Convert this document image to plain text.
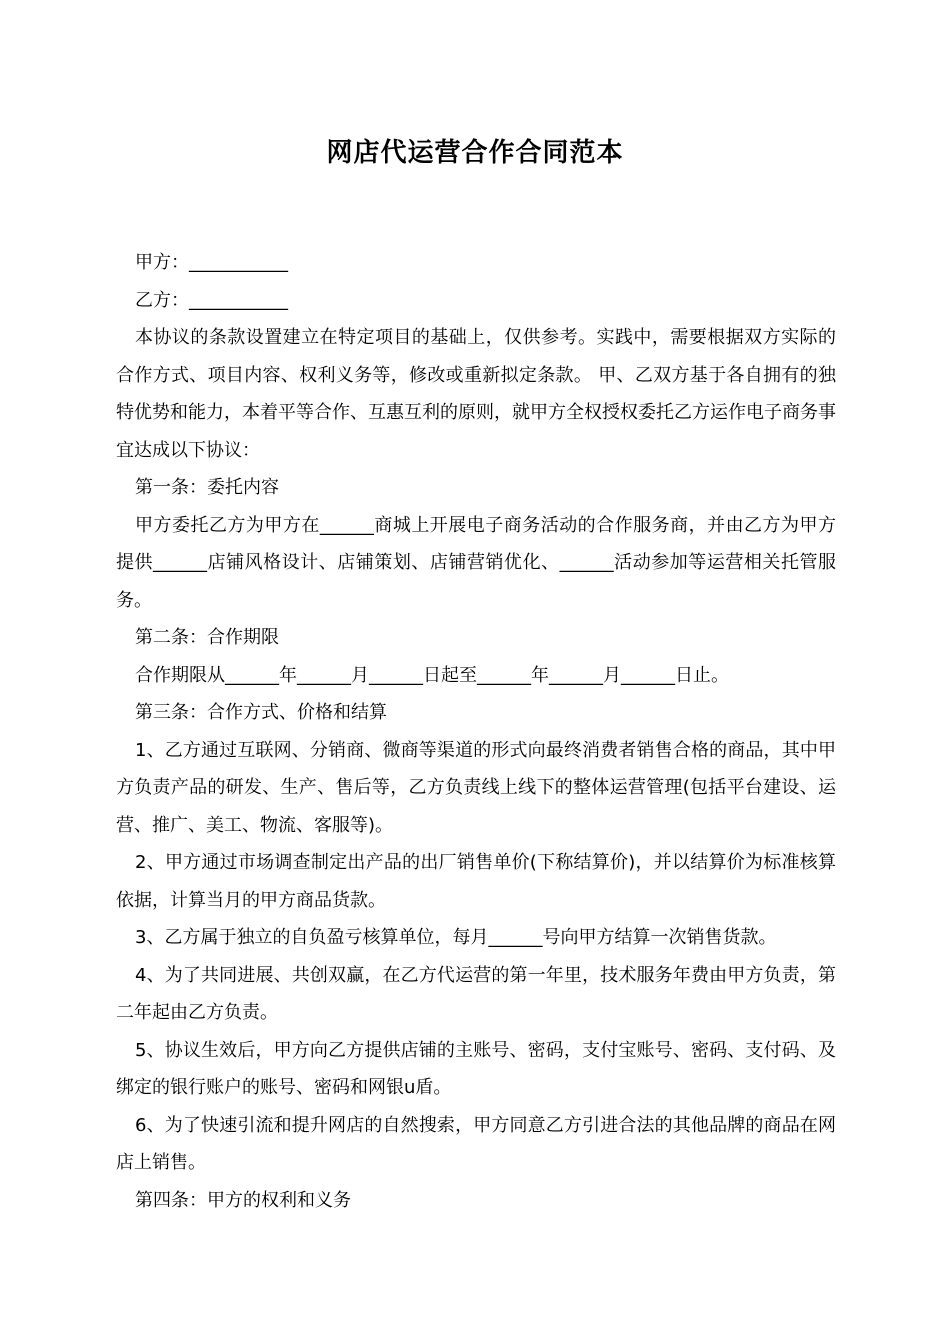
网店代运营合作合同范本

甲方：___________

乙方：___________

本协议的条款设置建立在特定项目的基础上，仅供参考。实践中，需要根据双方实际的合作方式、项目内容、权利义务等，修改或重新拟定条款。 甲、乙双方基于各自拥有的独特优势和能力，本着平等合作、互惠互利的原则，就甲方全权授权委托乙方运作电子商务事宜达成以下协议：

第一条：委托内容

甲方委托乙方为甲方在______商城上开展电子商务活动的合作服务商，并由乙方为甲方提供______店铺风格设计、店铺策划、店铺营销优化、______活动参加等运营相关托管服务。

第二条：合作期限

合作期限从______年______月______日起至______年______月______日止。

第三条：合作方式、价格和结算

1、乙方通过互联网、分销商、微商等渠道的形式向最终消费者销售合格的商品，其中甲方负责产品的研发、生产、售后等，乙方负责线上线下的整体运营管理(包括平台建设、运营、推广、美工、物流、客服等)。

2、甲方通过市场调查制定出产品的出厂销售单价(下称结算价)，并以结算价为标准核算依据，计算当月的甲方商品货款。

3、乙方属于独立的自负盈亏核算单位，每月______号向甲方结算一次销售货款。

4、为了共同进展、共创双赢，在乙方代运营的第一年里，技术服务年费由甲方负责，第二年起由乙方负责。

5、协议生效后，甲方向乙方提供店铺的主账号、密码，支付宝账号、密码、支付码、及绑定的银行账户的账号、密码和网银u盾。

6、为了快速引流和提升网店的自然搜索，甲方同意乙方引进合法的其他品牌的商品在网店上销售。

第四条：甲方的权利和义务
